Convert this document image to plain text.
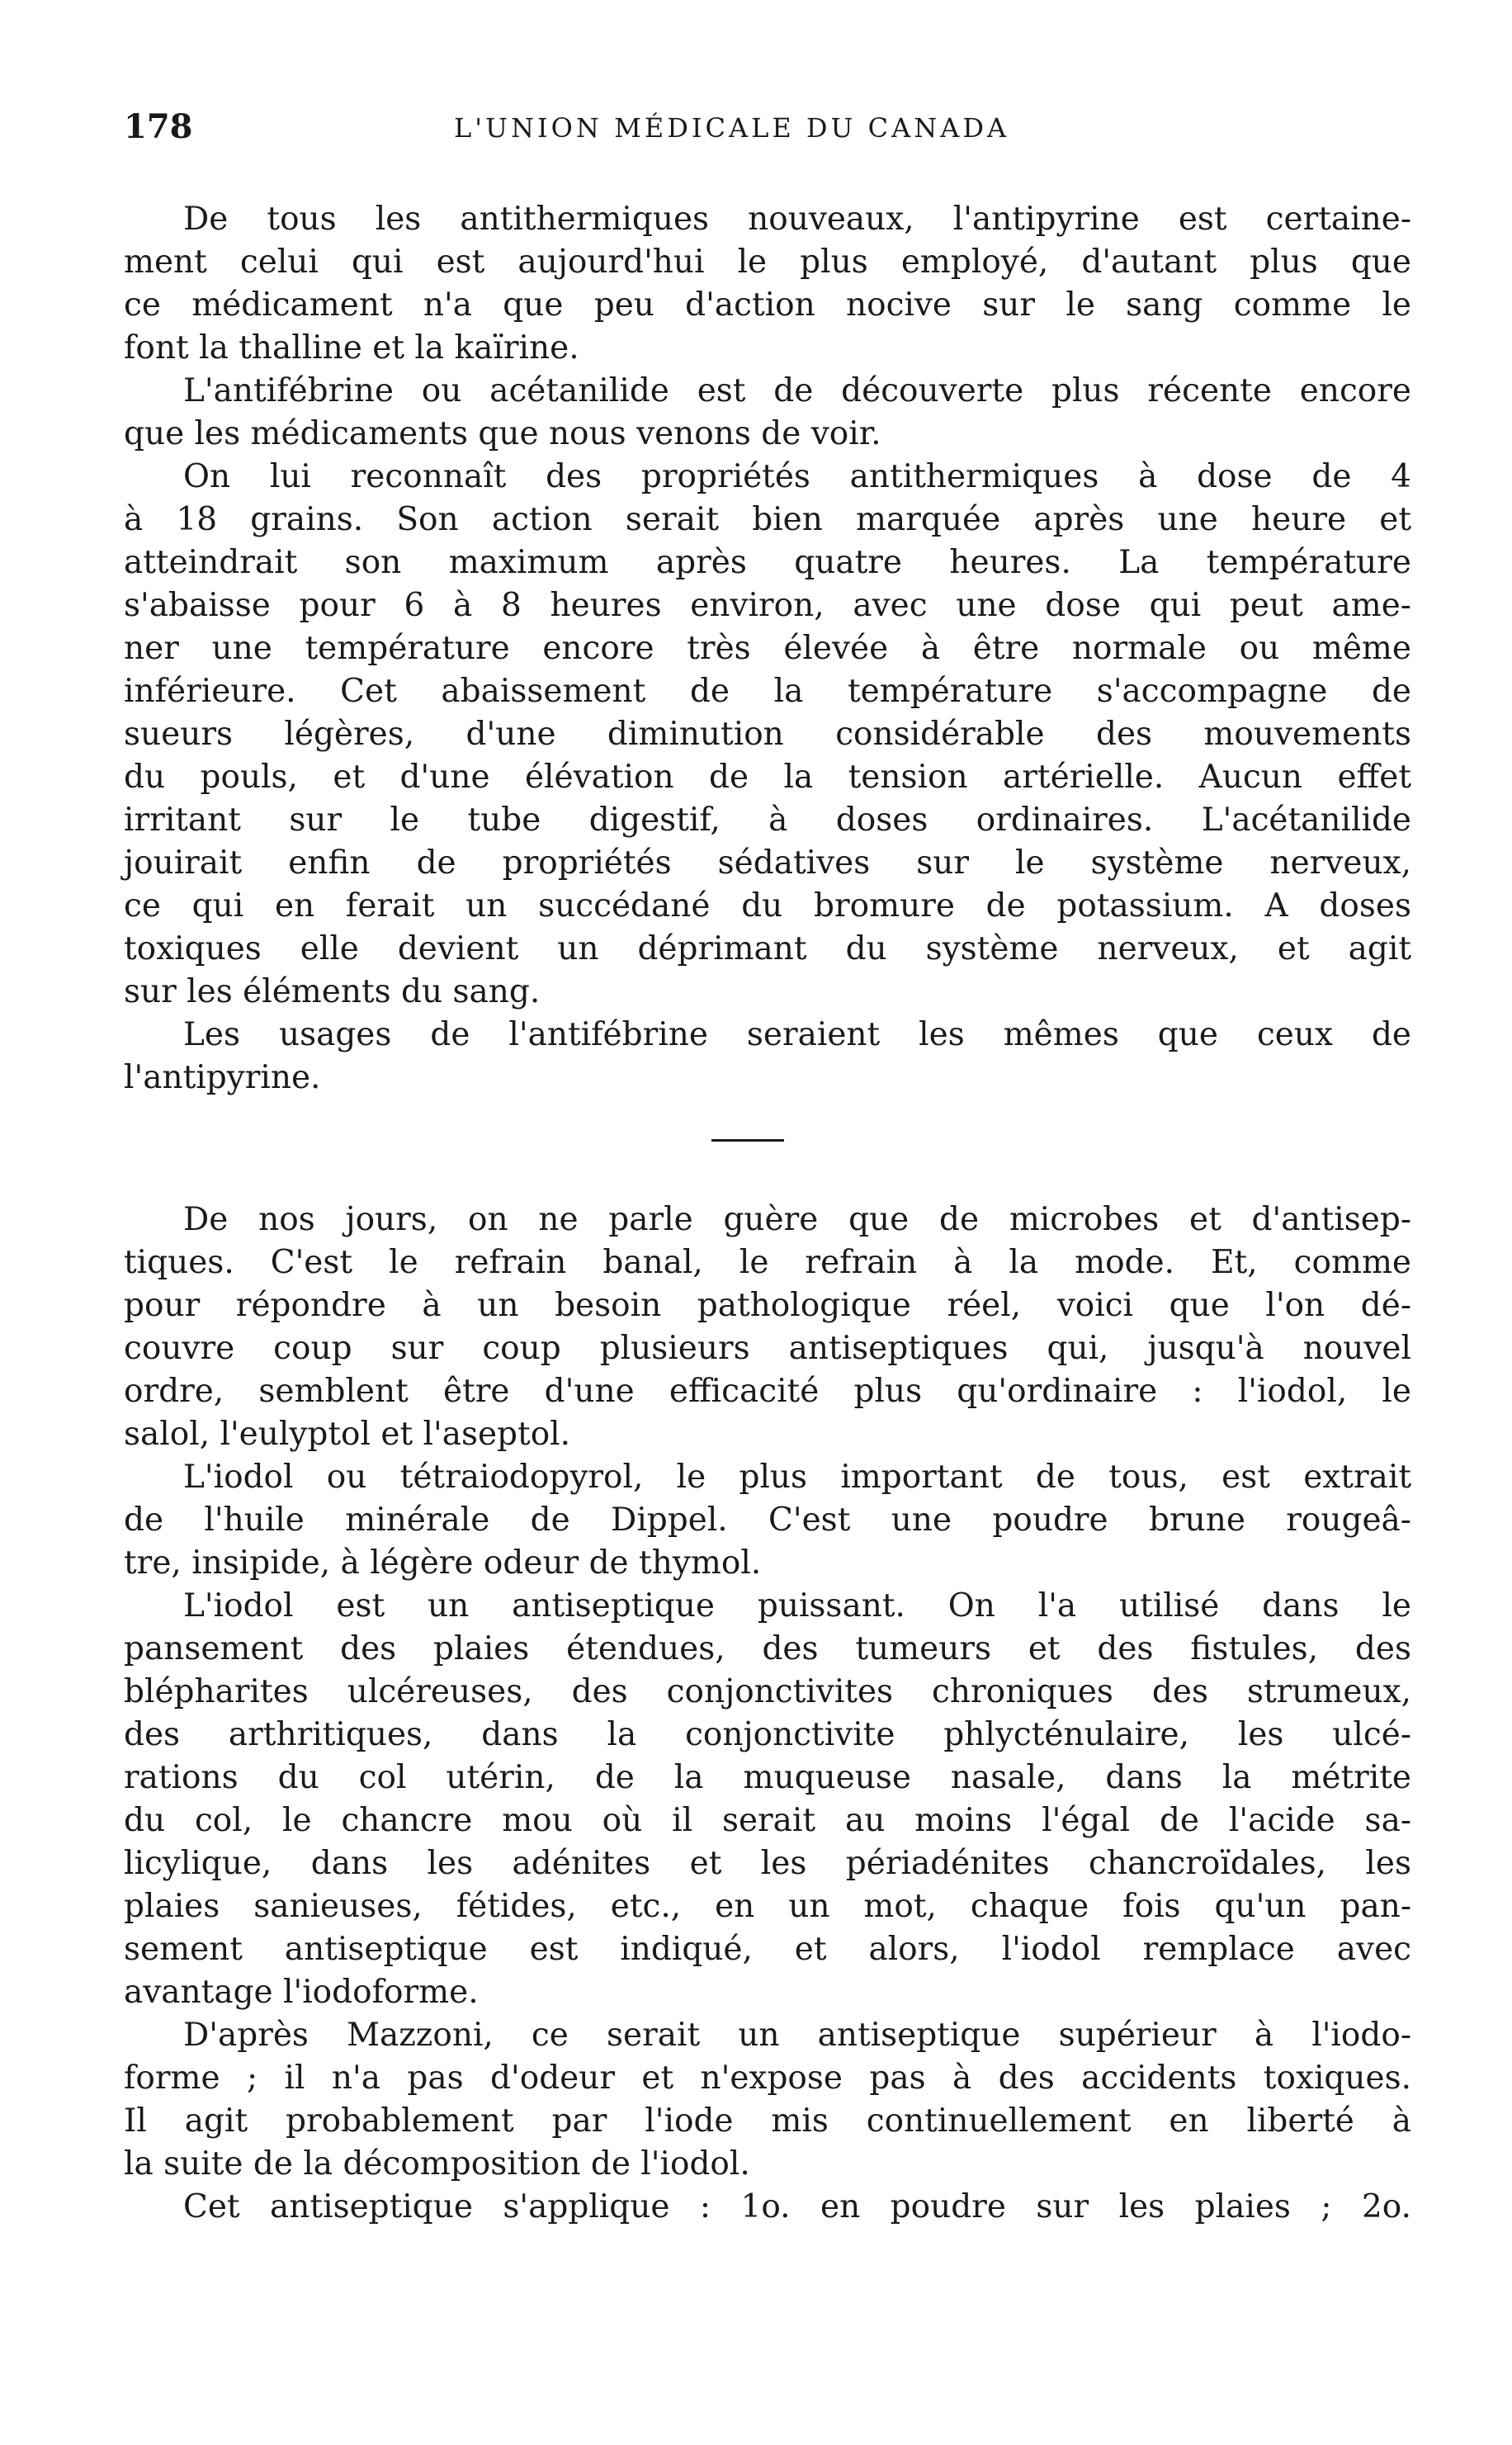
178	L'UNION MÉDICALE DU CANADA
De tous les antithermiques nouveaux, l'antipyrine est certaine-
ment celui qui est aujourd'hui le plus employé, d'autant plus que
ce médicament n'a que peu d'action nocive sur le sang comme le
font la thalline et la kaïrine.
L'antifébrine ou acétanilide est de découverte plus récente encore
que les médicaments que nous venons de voir.
On lui reconnaît des propriétés antithermiques à dose de 4
à 18 grains. Son action serait bien marquée après une heure et
atteindrait son maximum après quatre heures. La température
s'abaisse pour 6 à 8 heures environ, avec une dose qui peut ame-
ner une température encore très élevée à être normale ou même
inférieure. Cet abaissement de la température s'accompagne de
sueurs légères, d'une diminution considérable des mouvements
du pouls, et d'une élévation de la tension artérielle. Aucun effet
irritant sur le tube digestif, à doses ordinaires. L'acétanilide
jouirait enfin de propriétés sédatives sur le système nerveux,
ce qui en ferait un succédané du bromure de potassium. A doses
toxiques elle devient un déprimant du système nerveux, et agit
sur les éléments du sang.
Les usages de l'antifébrine seraient les mêmes que ceux de
l'antipyrine.
De nos jours, on ne parle guère que de microbes et d'antisep-
tiques. C'est le refrain banal, le refrain à la mode. Et, comme
pour répondre à un besoin pathologique réel, voici que l'on dé-
couvre coup sur coup plusieurs antiseptiques qui, jusqu'à nouvel
ordre, semblent être d'une efficacité plus qu'ordinaire : l'iodol, le
salol, l'eulyptol et l'aseptol.
L'iodol ou tétraiodopyrol, le plus important de tous, est extrait
de l'huile minérale de Dippel. C'est une poudre brune rougeâ-
tre, insipide, à légère odeur de thymol.
L'iodol est un antiseptique puissant. On l'a utilisé dans le
pansement des plaies étendues, des tumeurs et des fistules, des
blépharites ulcéreuses, des conjonctivites chroniques des strumeux,
des arthritiques, dans la conjonctivite phlycténulaire, les ulcé-
rations du col utérin, de la muqueuse nasale, dans la métrite
du col, le chancre mou où il serait au moins l'égal de l'acide sa-
licylique, dans les adénites et les périadénites chancroïdales, les
plaies sanieuses, fétides, etc., en un mot, chaque fois qu'un pan-
sement antiseptique est indiqué, et alors, l'iodol remplace avec
avantage l'iodoforme.
D'après Mazzoni, ce serait un antiseptique supérieur à l'iodo-
forme ; il n'a pas d'odeur et n'expose pas à des accidents toxiques.
Il agit probablement par l'iode mis continuellement en liberté à
la suite de la décomposition de l'iodol.
Cet antiseptique s'applique : 1o. en poudre sur les plaies ; 2o.
